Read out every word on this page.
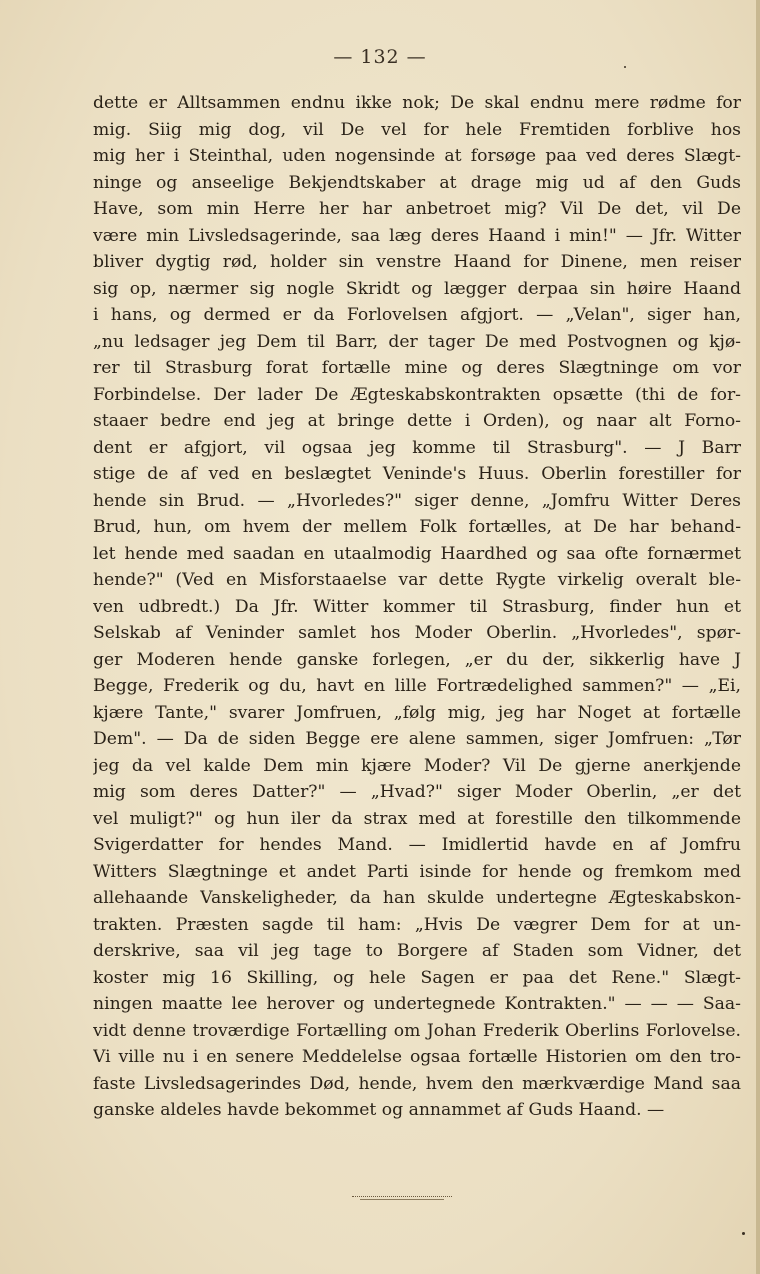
— 132 —
dette er Alltsammen endnu ikke nok; De skal endnu mere rødme for
mig. Siig mig dog, vil De vel for hele Fremtiden forblive hos
mig her i Steinthal, uden nogensinde at forsøge paa ved deres Slægt-
ninge og anseelige Bekjendtskaber at drage mig ud af den Guds
Have, som min Herre her har anbetroet mig? Vil De det, vil De
være min Livsledsagerinde, saa læg deres Haand i min!" — Jfr. Witter
bliver dygtig rød, holder sin venstre Haand for Dinene, men reiser
sig op, nærmer sig nogle Skridt og lægger derpaa sin høire Haand
i hans, og dermed er da Forlovelsen afgjort. — „Velan", siger han,
„nu ledsager jeg Dem til Barr, der tager De med Postvognen og kjø-
rer til Strasburg forat fortælle mine og deres Slægtninge om vor
Forbindelse. Der lader De Ægteskabskontrakten opsætte (thi de for-
staaer bedre end jeg at bringe dette i Orden), og naar alt Forno-
dent er afgjort, vil ogsaa jeg komme til Strasburg". — J Barr
stige de af ved en beslægtet Veninde's Huus. Oberlin forestiller for
hende sin Brud. — „Hvorledes?" siger denne, „Jomfru Witter Deres
Brud, hun, om hvem der mellem Folk fortælles, at De har behand-
let hende med saadan en utaalmodig Haardhed og saa ofte fornærmet
hende?" (Ved en Misforstaaelse var dette Rygte virkelig overalt ble-
ven udbredt.) Da Jfr. Witter kommer til Strasburg, finder hun et
Selskab af Veninder samlet hos Moder Oberlin. „Hvorledes", spør-
ger Moderen hende ganske forlegen, „er du der, sikkerlig have J
Begge, Frederik og du, havt en lille Fortrædelighed sammen?" — „Ei,
kjære Tante," svarer Jomfruen, „følg mig, jeg har Noget at fortælle
Dem". — Da de siden Begge ere alene sammen, siger Jomfruen: „Tør
jeg da vel kalde Dem min kjære Moder? Vil De gjerne anerkjende
mig som deres Datter?" — „Hvad?" siger Moder Oberlin, „er det
vel muligt?" og hun iler da strax med at forestille den tilkommende
Svigerdatter for hendes Mand. — Imidlertid havde en af Jomfru
Witters Slægtninge et andet Parti isinde for hende og fremkom med
allehaande Vanskeligheder, da han skulde undertegne Ægteskabskon-
trakten. Præsten sagde til ham: „Hvis De vægrer Dem for at un-
derskrive, saa vil jeg tage to Borgere af Staden som Vidner, det
koster mig 16 Skilling, og hele Sagen er paa det Rene." Slægt-
ningen maatte lee herover og undertegnede Kontrakten." — — — Saa-
vidt denne troværdige Fortælling om Johan Frederik Oberlins Forlovelse.
Vi ville nu i en senere Meddelelse ogsaa fortælle Historien om den tro-
faste Livsledsagerindes Død, hende, hvem den mærkværdige Mand saa
ganske aldeles havde bekommet og annammet af Guds Haand. —
